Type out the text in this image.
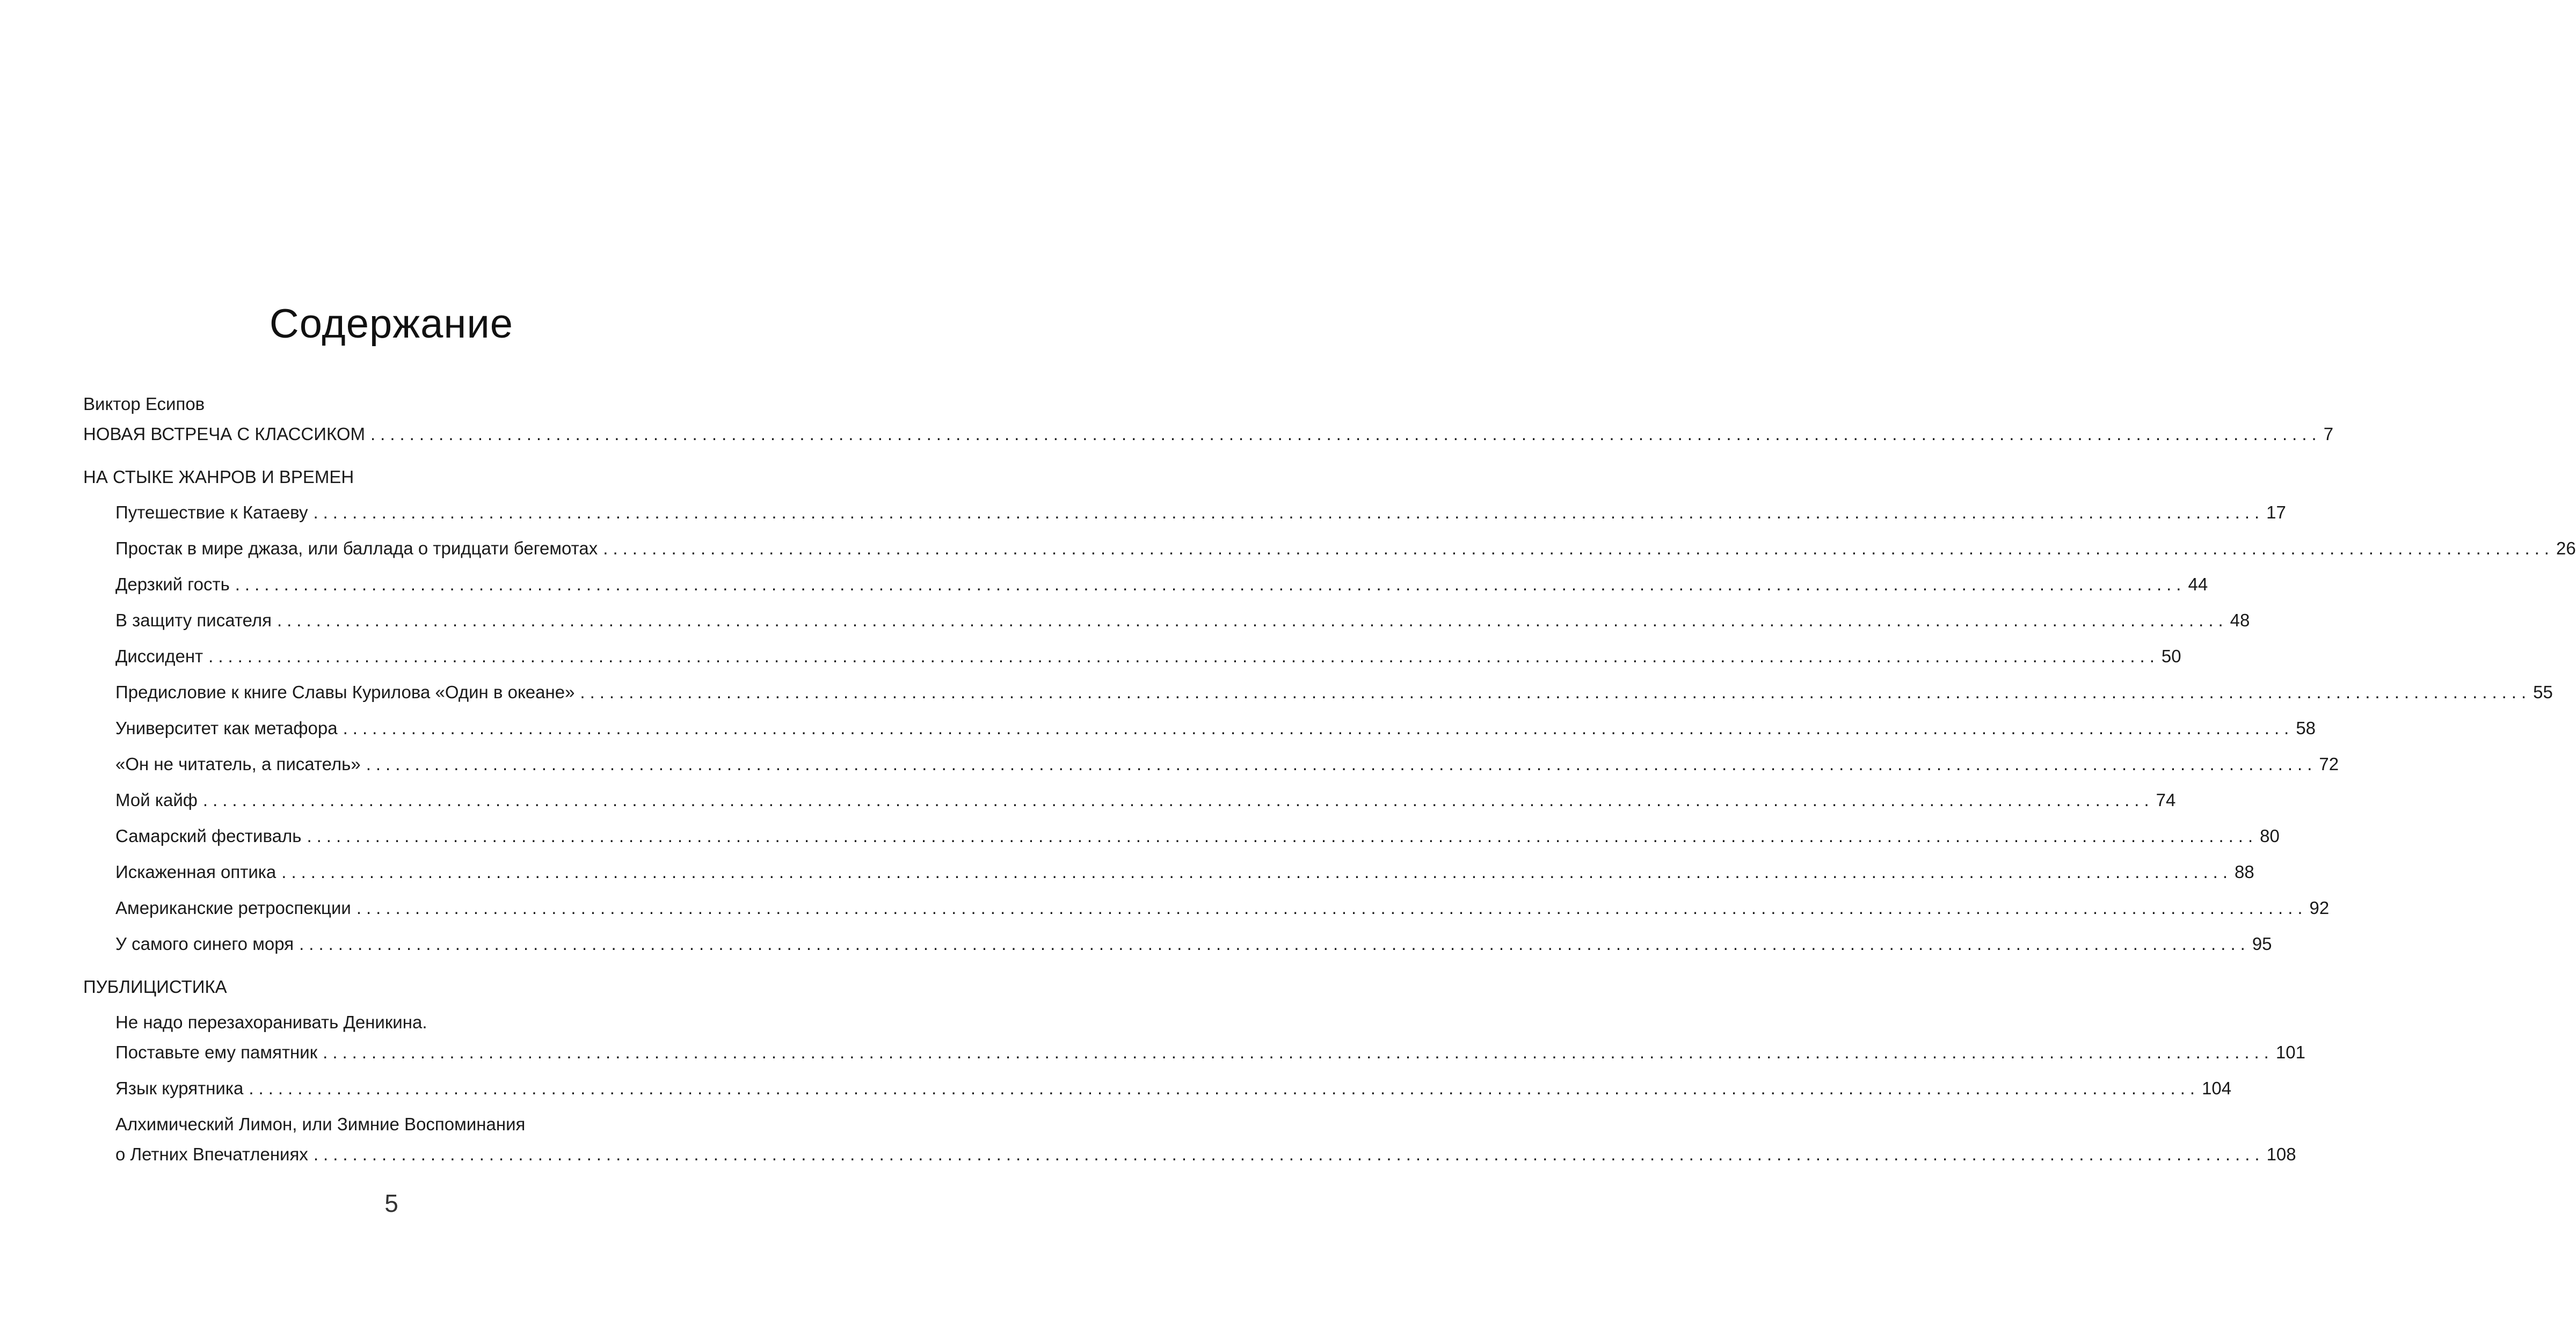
Содержание
Виктор Есипов
НОВАЯ ВСТРЕЧА С КЛАССИКОМ ........................................................................................................................................................................................................ 7
НА СТЫКЕ ЖАНРОВ И ВРЕМЕН
Путешествие к Катаеву ........................................................................................................................................................................................................ 17
Простак в мире джаза, или баллада о тридцати бегемотах ........................................................................................................................................................................................................ 26
Дерзкий гость ........................................................................................................................................................................................................ 44
В защиту писателя ........................................................................................................................................................................................................ 48
Диссидент ........................................................................................................................................................................................................ 50
Предисловие к книге Славы Курилова «Один в океане» ........................................................................................................................................................................................................ 55
Университет как метафора ........................................................................................................................................................................................................ 58
«Он не читатель, а писатель» ........................................................................................................................................................................................................ 72
Мой кайф ........................................................................................................................................................................................................ 74
Самарский фестиваль ........................................................................................................................................................................................................ 80
Искаженная оптика ........................................................................................................................................................................................................ 88
Американские ретроспекции ........................................................................................................................................................................................................ 92
У самого синего моря ........................................................................................................................................................................................................ 95
ПУБЛИЦИСТИКА
Не надо перезахоранивать Деникина.
Поставьте ему памятник ........................................................................................................................................................................................................ 101
Язык курятника ........................................................................................................................................................................................................ 104
Алхимический Лимон, или Зимние Воспоминания
о Летних Впечатлениях ........................................................................................................................................................................................................ 108
5
